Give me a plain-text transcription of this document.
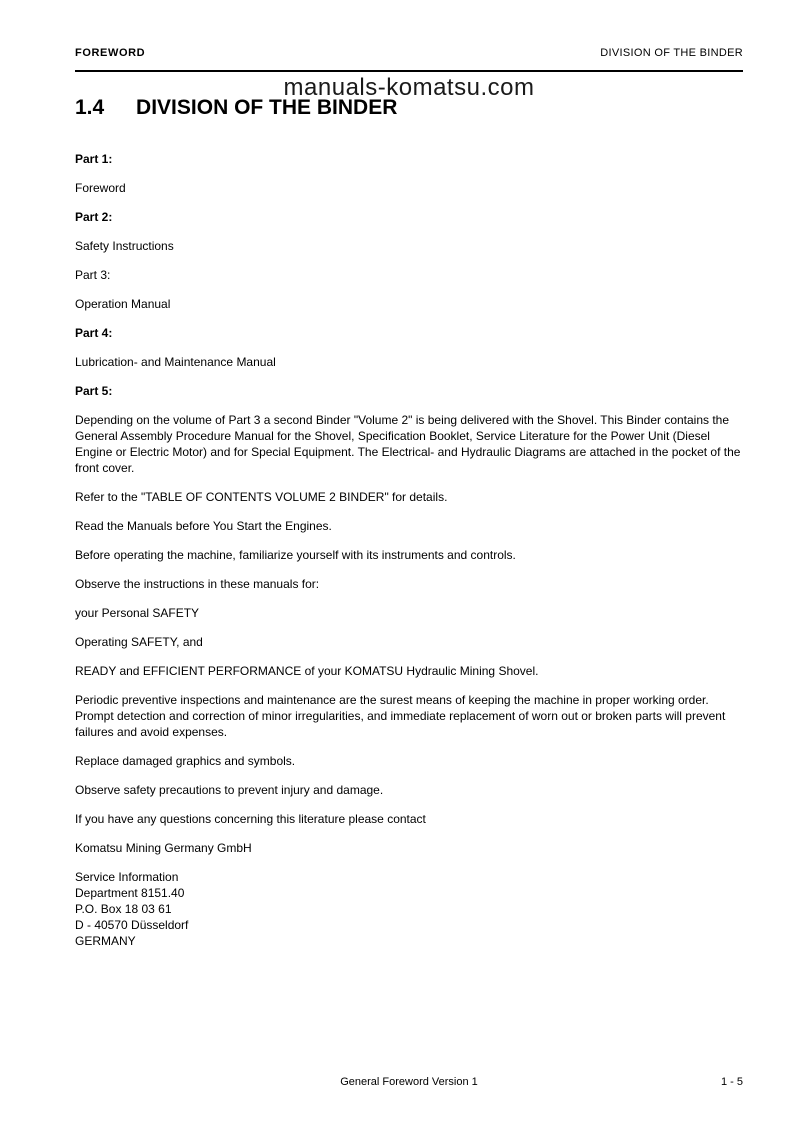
FOREWORD	DIVISION OF THE BINDER
manuals-komatsu.com
1.4 DIVISION OF THE BINDER

Part 1:

Foreword

Part 2:

Safety Instructions

Part 3:

Operation Manual

Part 4:

Lubrication- and Maintenance Manual

Part 5:

Depending on the volume of Part 3 a second Binder "Volume 2" is being delivered with the Shovel. This Binder contains the General Assembly Procedure Manual for the Shovel, Specification Booklet, Service Literature for the Power Unit (Diesel Engine or Electric Motor) and for Special Equipment. The Electrical- and Hydraulic Diagrams are attached in the pocket of the front cover.

Refer to the "TABLE OF CONTENTS VOLUME 2 BINDER" for details.

Read the Manuals before You Start the Engines.

Before operating the machine, familiarize yourself with its instruments and controls.

Observe the instructions in these manuals for:

your Personal SAFETY

Operating SAFETY, and

READY and EFFICIENT PERFORMANCE of your KOMATSU Hydraulic Mining Shovel.

Periodic preventive inspections and maintenance are the surest means of keeping the machine in proper working order. Prompt detection and correction of minor irregularities, and immediate replacement of worn out or broken parts will prevent failures and avoid expenses.

Replace damaged graphics and symbols.

Observe safety precautions to prevent injury and damage.

If you have any questions concerning this literature please contact

Komatsu Mining Germany GmbH

Service Information
Department 8151.40
P.O. Box 18 03 61
D - 40570 Düsseldorf
GERMANY

General Foreword Version 1	1 - 5
